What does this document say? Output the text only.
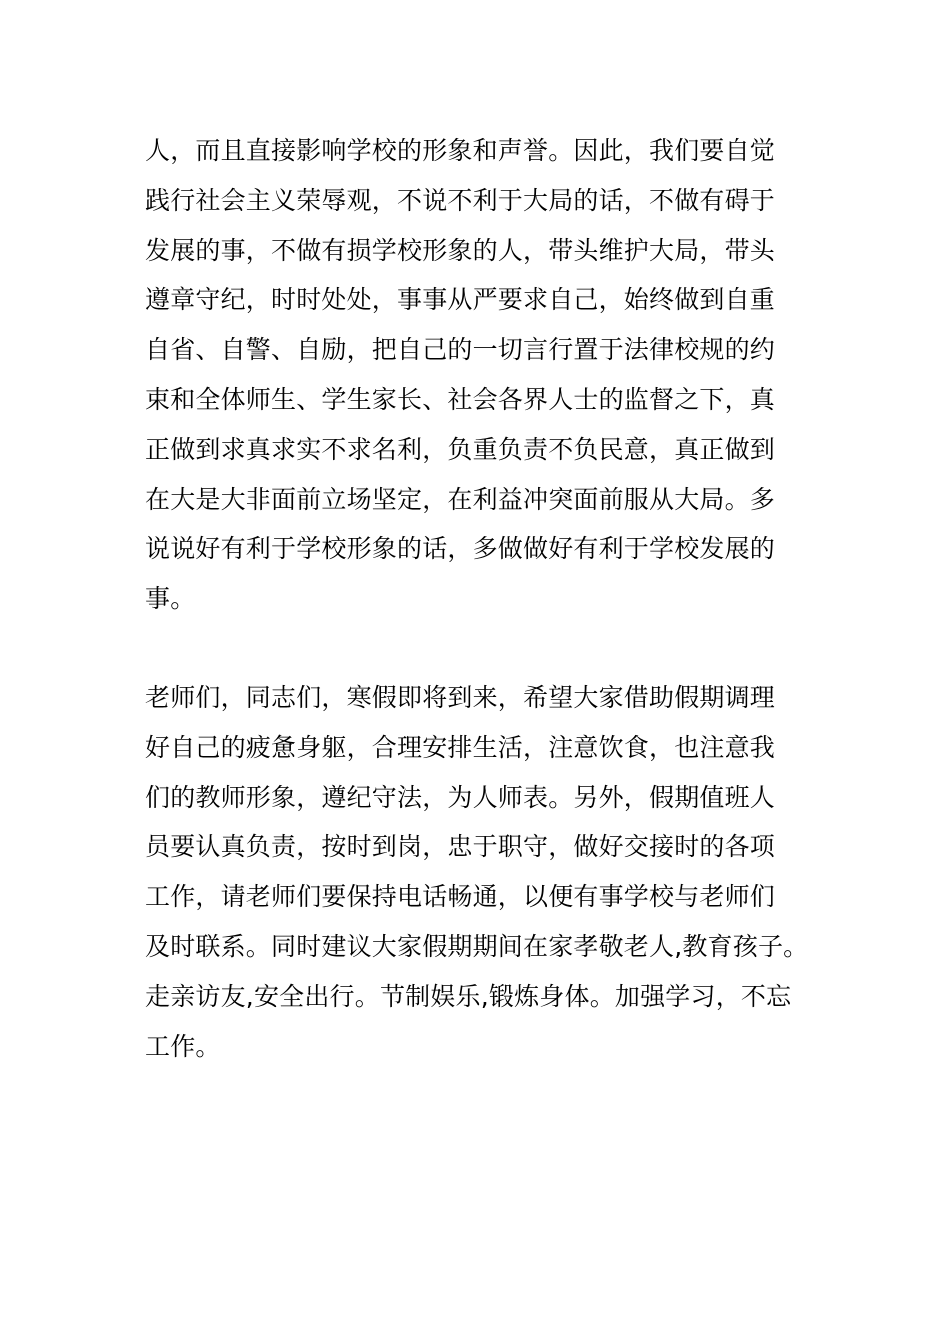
人，而且直接影响学校的形象和声誉。因此，我们要自觉
践行社会主义荣辱观，不说不利于大局的话，不做有碍于
发展的事，不做有损学校形象的人，带头维护大局，带头
遵章守纪，时时处处，事事从严要求自己，始终做到自重
自省、自警、自励，把自己的一切言行置于法律校规的约
束和全体师生、学生家长、社会各界人士的监督之下，真
正做到求真求实不求名利，负重负责不负民意，真正做到
在大是大非面前立场坚定，在利益冲突面前服从大局。多
说说好有利于学校形象的话，多做做好有利于学校发展的
事。
老师们，同志们，寒假即将到来，希望大家借助假期调理
好自己的疲惫身躯，合理安排生活，注意饮食，也注意我
们的教师形象，遵纪守法，为人师表。另外，假期值班人
员要认真负责，按时到岗，忠于职守，做好交接时的各项
工作，请老师们要保持电话畅通，以便有事学校与老师们
及时联系。同时建议大家假期期间在家孝敬老人,教育孩子。
走亲访友,安全出行。节制娱乐,锻炼身体。加强学习，不忘
工作。
